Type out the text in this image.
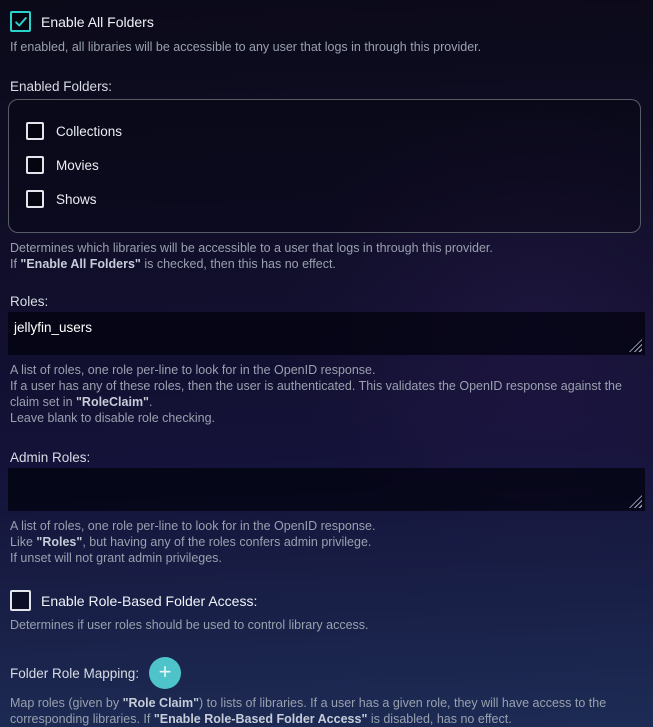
Enable All Folders
If enabled, all libraries will be accessible to any user that logs in through this provider.
Enabled Folders:
Collections
Movies
Shows
Determines which libraries will be accessible to a user that logs in through this provider.
If "Enable All Folders" is checked, then this has no effect.
Roles:
jellyfin_users
A list of roles, one role per-line to look for in the OpenID response.
If a user has any of these roles, then the user is authenticated. This validates the OpenID response against the claim set in "RoleClaim".
Leave blank to disable role checking.
Admin Roles:
A list of roles, one role per-line to look for in the OpenID response.
Like "Roles", but having any of the roles confers admin privilege.
If unset will not grant admin privileges.
Enable Role-Based Folder Access:
Determines if user roles should be used to control library access.
Folder Role Mapping: +
Map roles (given by "Role Claim") to lists of libraries. If a user has a given role, they will have access to the corresponding libraries. If "Enable Role-Based Folder Access" is disabled, has no effect.
